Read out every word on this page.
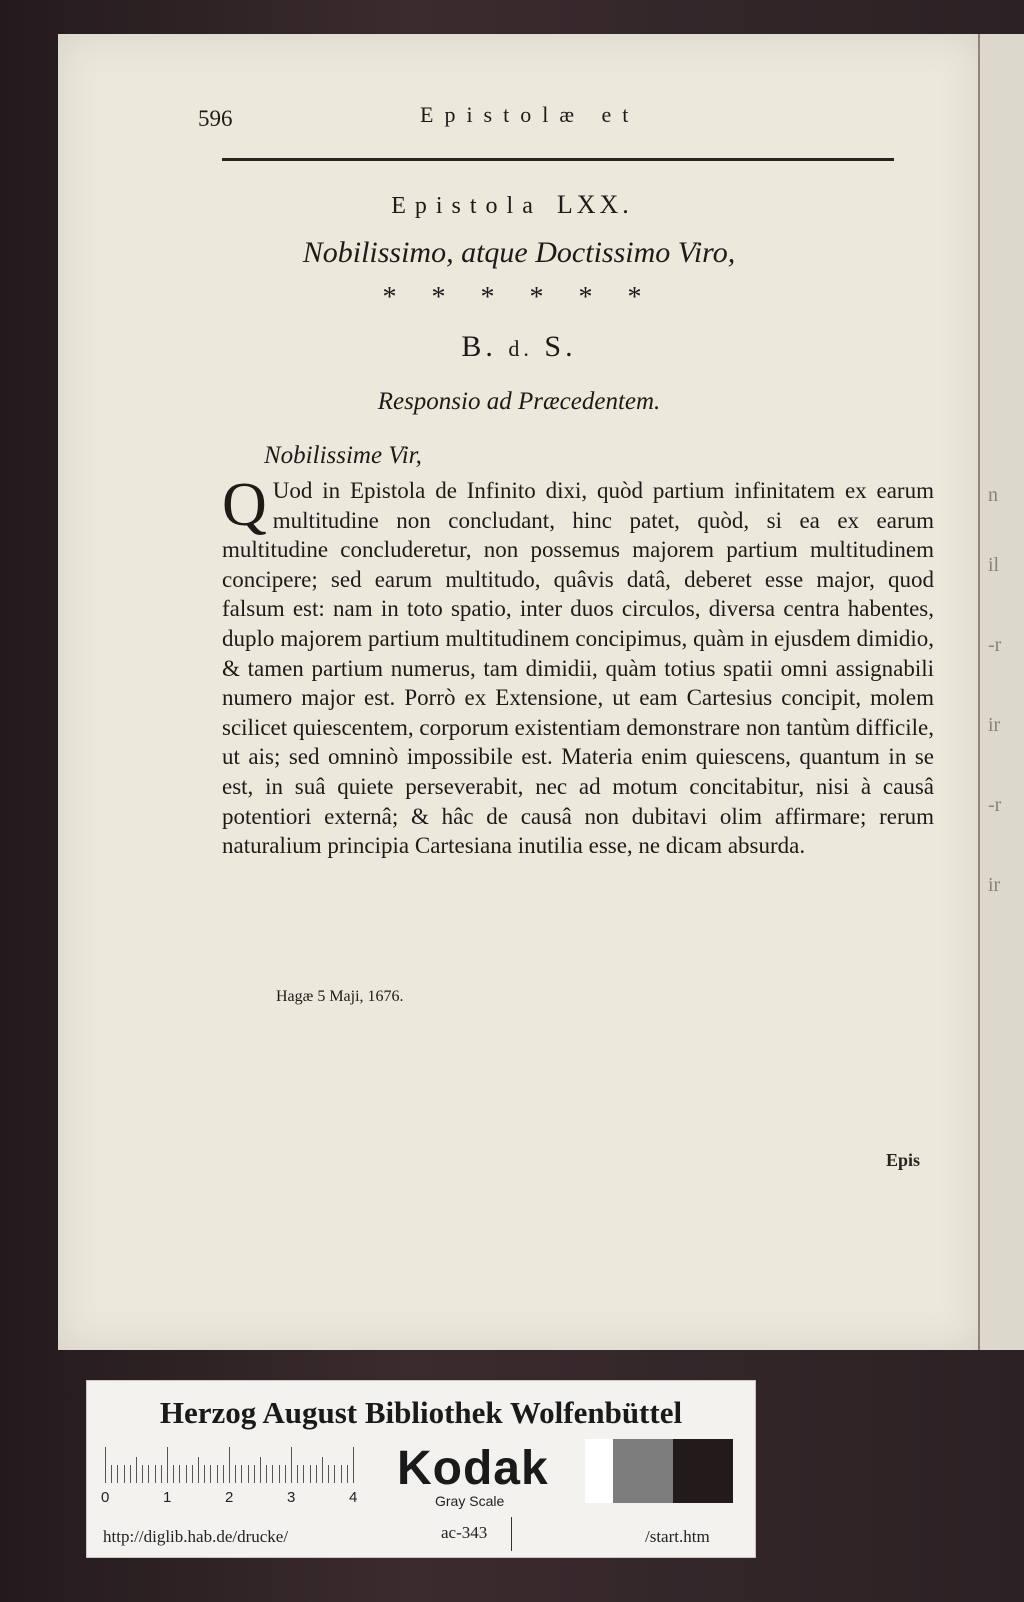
n
il
-r
ir
-r
ir
596	Epistolæ et
Epistola LXX.
Nobilissimo, atque Doctissimo Viro,
* * * * * *
B. d. S.
Responsio ad Præcedentem.
Nobilissime Vir,

Q Uod in Epistola de Infinito dixi, quòd partium infinitatem ex earum multitudine non concludant, hinc patet, quòd, si ea ex earum multitudine concluderetur, non possemus majorem partium multitudinem concipere; sed earum multitudo, quâvis datâ, deberet esse major, quod falsum est: nam in toto spatio, inter duos circulos, diversa centra habentes, duplo majorem partium multitudinem concipimus, quàm in ejusdem dimidio, & tamen partium numerus, tam dimidii, quàm totius spatii omni assignabili numero major est. Porrò ex Extensione, ut eam Cartesius concipit, molem scilicet quiescentem, corporum existentiam demonstrare non tantùm difficile, ut ais; sed omninò impossibile est. Materia enim quiescens, quantum in se est, in suâ quiete perseverabit, nec ad motum concitabitur, nisi à causâ potentiori externâ; & hâc de causâ non dubitavi olim affirmare; rerum naturalium principia Cartesiana inutilia esse, ne dicam absurda.

Hagæ 5 Maji, 1676.
Epis
Herzog August Bibliothek Wolfenbüttel
0	1	2	3	4
Kodak
Gray Scale
http://diglib.hab.de/drucke/	ac-343	/start.htm
